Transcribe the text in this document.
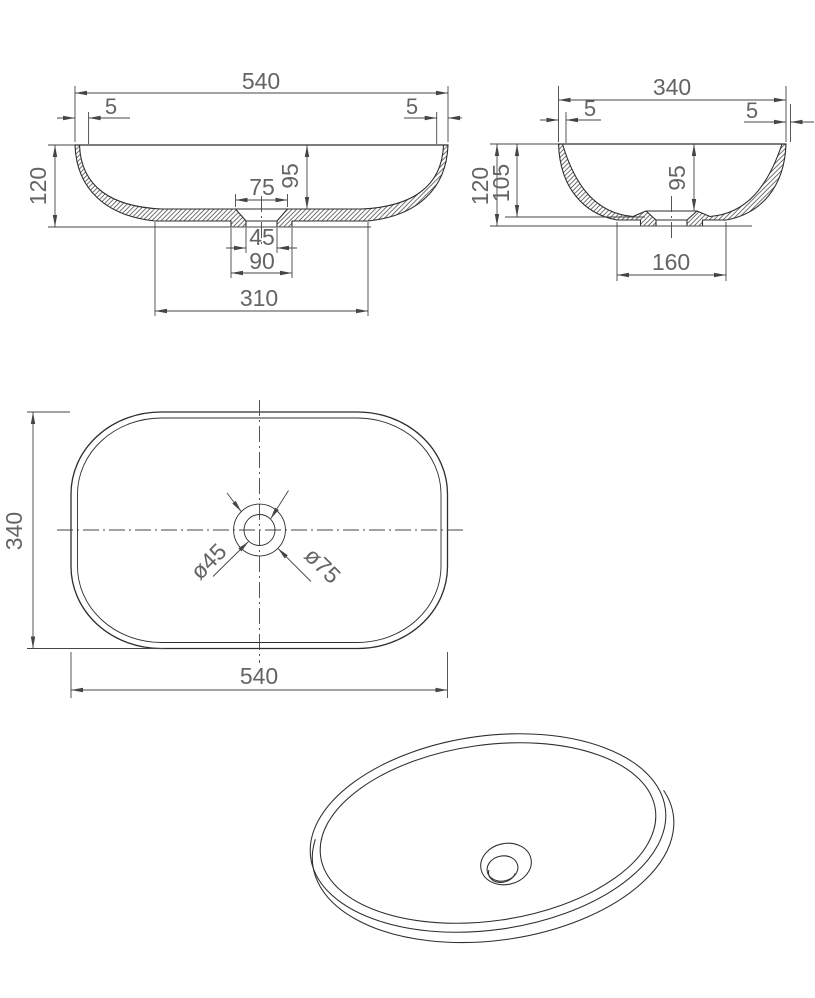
540
5	5
120	95
75
45
90
310
340
5	5
120
105	95
160
340
540
ø45	ø75
